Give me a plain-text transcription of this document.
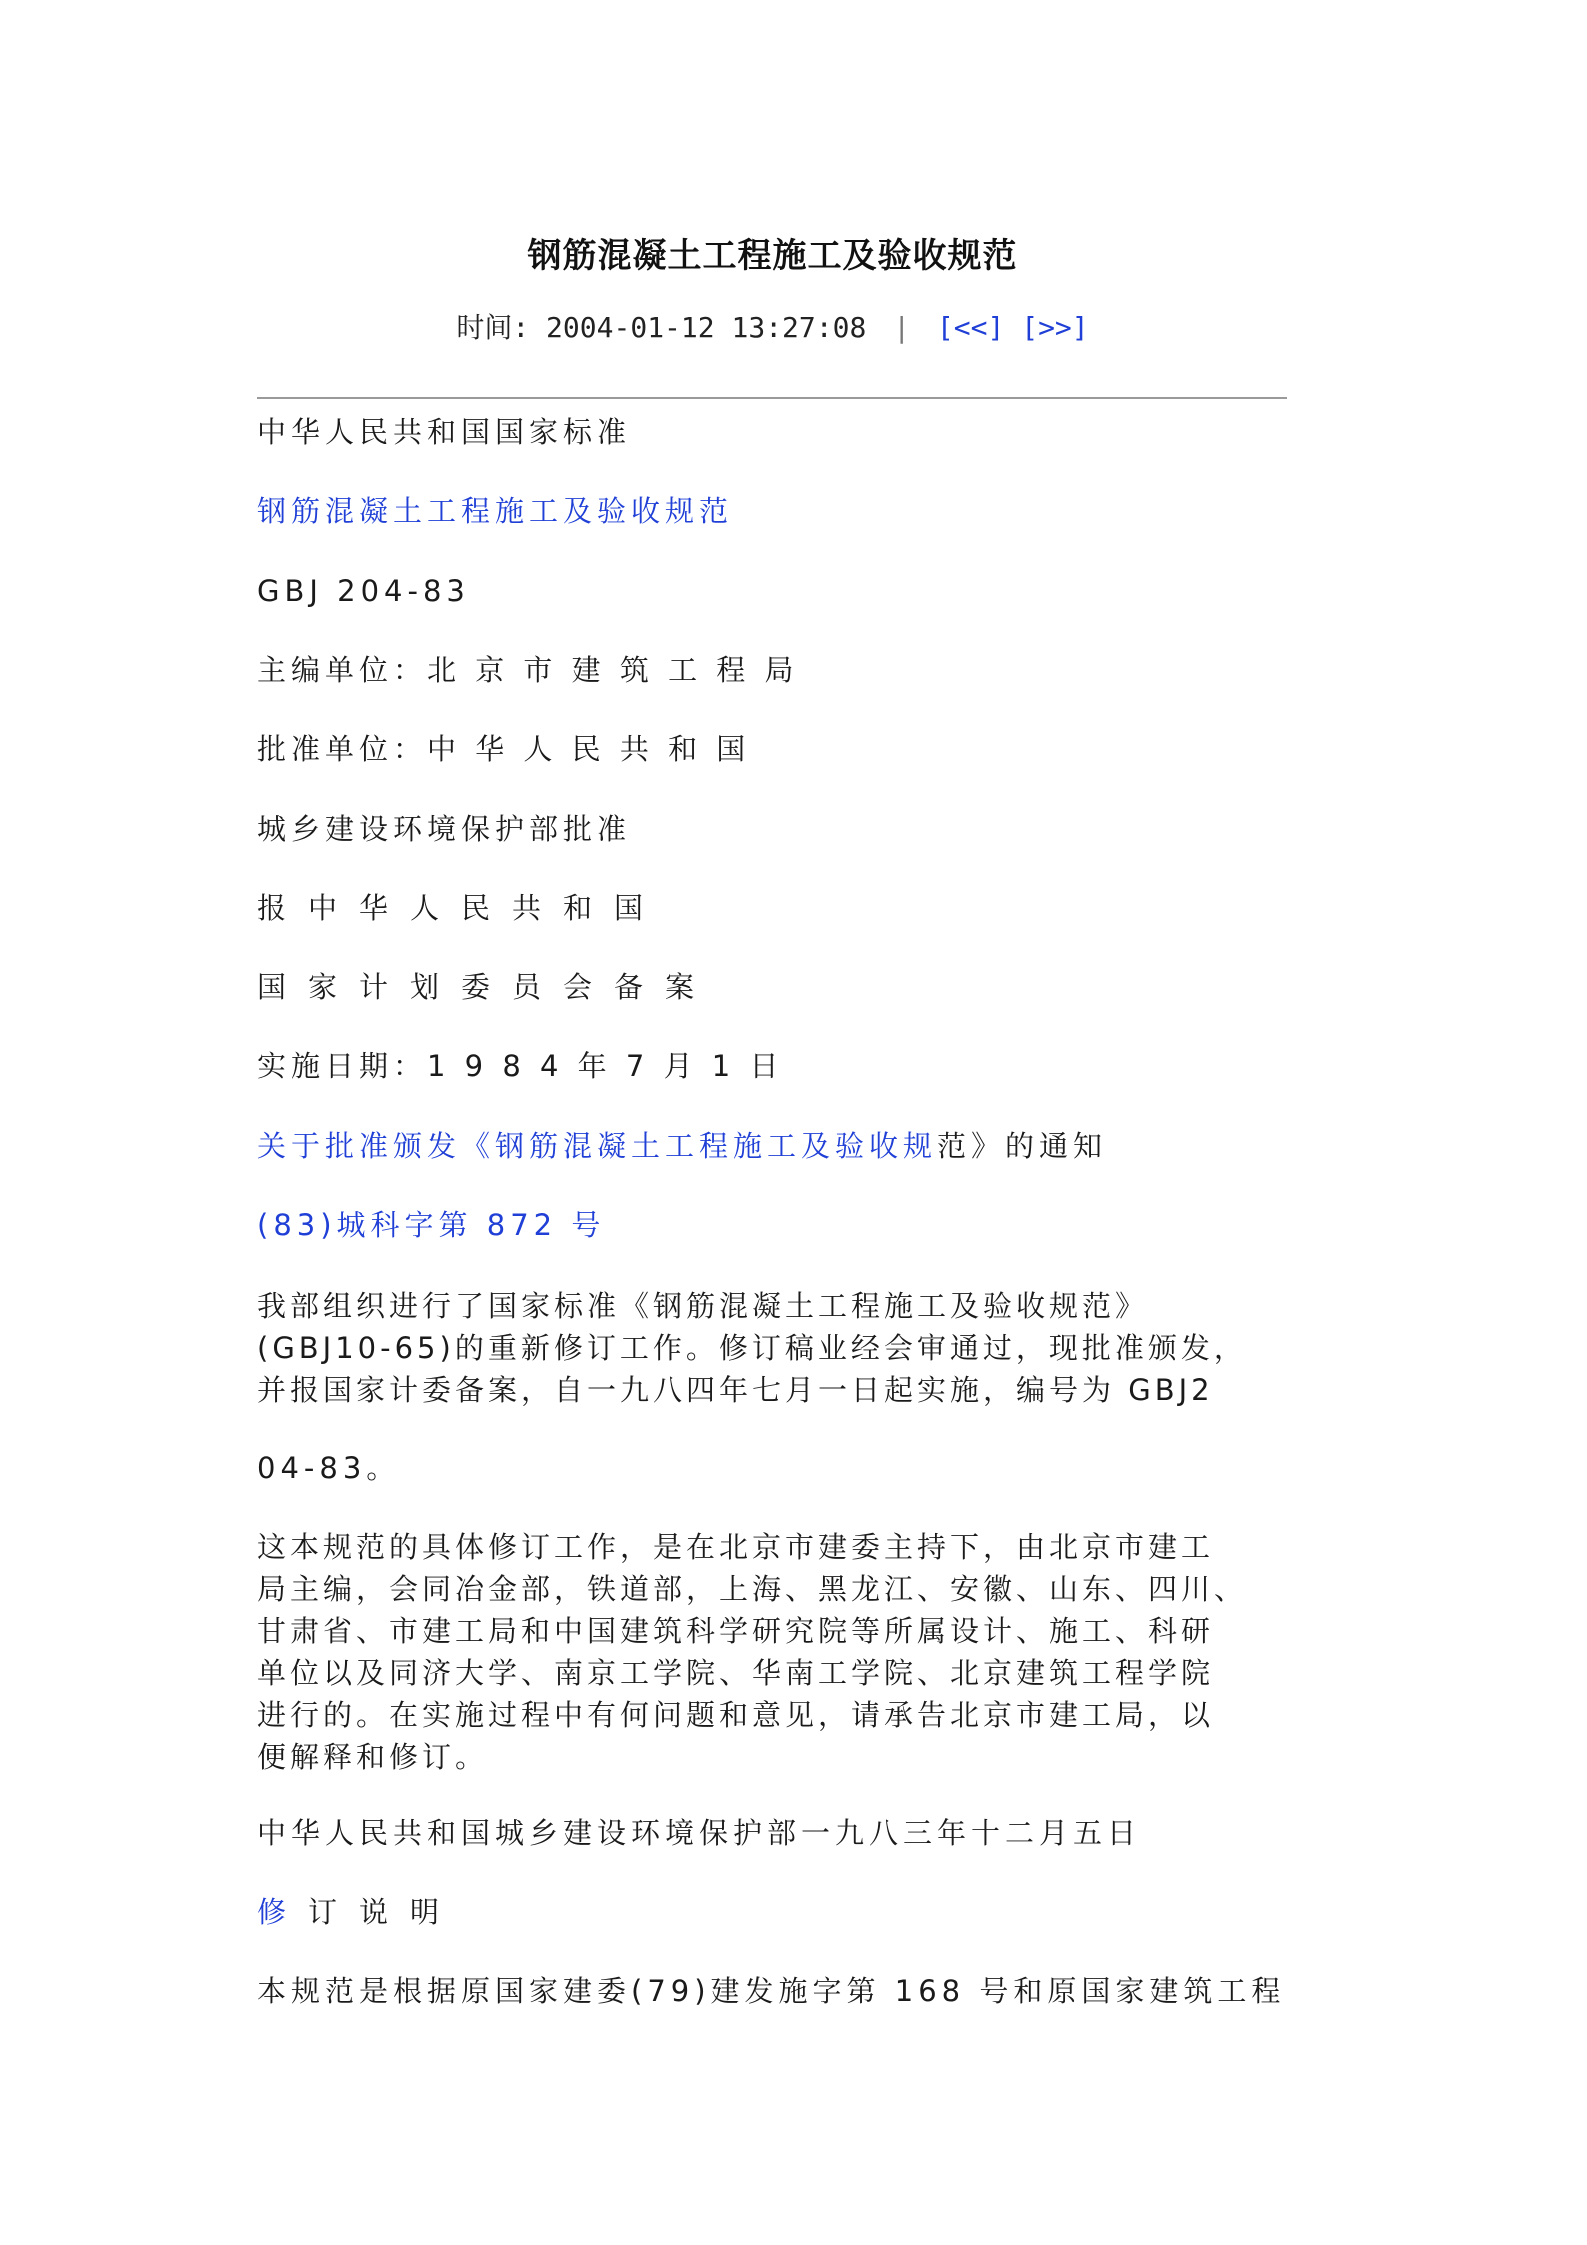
钢筋混凝土工程施工及验收规范
时间: 2004-01-12 13:27:08 | [<<] [>>]
中华人民共和国国家标准
钢筋混凝土工程施工及验收规范
GBJ 204-83
主编单位：北 京 市 建 筑 工 程 局
批准单位：中 华 人 民 共 和 国
城乡建设环境保护部批准
报中华人民共和国
国家计划委员会备案
实施日期：1 9 8 4 年 7 月 1 日
关于批准颁发《钢筋混凝土工程施工及验收规范》的通知
(83)城科字第 872 号
我部组织进行了国家标准《钢筋混凝土工程施工及验收规范》
(GBJ10-65)的重新修订工作。修订稿业经会审通过，现批准颁发，
并报国家计委备案，自一九八四年七月一日起实施，编号为 GBJ2
04-83。
这本规范的具体修订工作，是在北京市建委主持下，由北京市建工
局主编，会同冶金部，铁道部，上海、黑龙江、安徽、山东、四川、
甘肃省、市建工局和中国建筑科学研究院等所属设计、施工、科研
单位以及同济大学、南京工学院、华南工学院、北京建筑工程学院
进行的。在实施过程中有何问题和意见，请承告北京市建工局，以
便解释和修订。
中华人民共和国城乡建设环境保护部一九八三年十二月五日
修订说明
本规范是根据原国家建委(79)建发施字第 168 号和原国家建筑工程
